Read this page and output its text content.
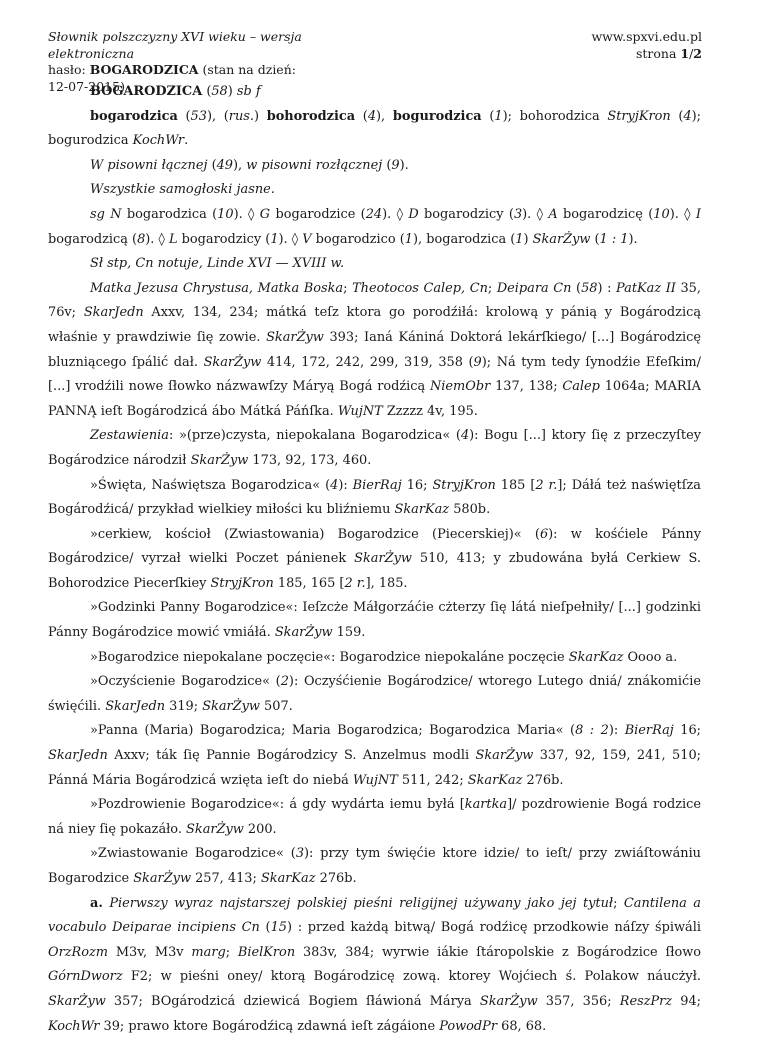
Słownik polszczyzny XVI wieku – wersja elektroniczna
hasło: BOGARODZICA (stan na dzień:
12-07-2015)
www.spxvi.edu.pl
strona 1/2

BOGARODZICA (58) sb f

bogarodzica (53), (rus.) bohorodzica (4), bogurodzica (1); bohorodzica StryjKron (4); bogurodzica KochWr.

W pisowni łącznej (49), w pisowni rozłącznej (9).

Wszystkie samogłoski jasne.

sg N bogarodzica (10). ◊ G bogarodzice (24). ◊ D bogarodzicy (3). ◊ A bogarodzicę (10). ◊ I bogarodzicą (8). ◊ L bogarodzicy (1). ◊ V bogarodzico (1), bogarodzica (1) SkarŻyw (1 : 1).

Sł stp, Cn notuje, Linde XVI — XVIII w.

Matka Jezusa Chrystusa, Matka Boska; Theotocos Calep, Cn; Deipara Cn (58) : PatKaz II 35, 76v; SkarJedn Axxv, 134, 234; mátká teſz ktora go porodźiłá: krolową y pánią y Bogárodzicą właśnie y prawdziwie ſię zowie. SkarŻyw 393; Ianá Kániná Doktorá lekárſkiego/ [...] Bogárodzicę bluzniącego ſpálić dał. SkarŻyw 414, 172, 242, 299, 319, 358 (9); Ná tym tedy ſynodźie Efeſkim/ [...] vrodźili nowe ſłowko názwawſzy Máryą Bogá rodźicą NiemObr 137, 138; Calep 1064a; MARIA PANNĄ ieſt Bogárodzicá ábo Mátká Páńſka. WujNT Zzzzz 4v, 195.

Zestawienia: »(prze)czysta, niepokalana Bogarodzica« (4): Bogu [...] ktory ſię z przeczyſtey Bogárodzice národził SkarŻyw 173, 92, 173, 460.

»Święta, Naświętsza Bogarodzica« (4): BierRaj 16; StryjKron 185 [2 r.]; Dáłá też naświętſza Bogárodźicá/ przykład wielkiey miłości ku bliźniemu SkarKaz 580b.

»cerkiew, kościoł (Zwiastowania) Bogarodzice (Piecerskiej)« (6): w kośćiele Pánny Bogárodzice/ vyrzał wielki Poczet pánienek SkarŻyw 510, 413; y zbudowána byłá Cerkiew S. Bohorodzice Piecerſkiey StryjKron 185, 165 [2 r.], 185.

»Godzinki Panny Bogarodzice«: Ieſzcże Máłgorzáćie cżterzy ſię látá nieſpełniły/ [...] godzinki Pánny Bogárodzice mowić vmiáłá. SkarŻyw 159.

»Bogarodzice niepokalane poczęcie«: Bogarodzice niepokaláne poczęcie SkarKaz Oooo a.

»Oczyścienie Bogarodzice« (2): Oczyśćienie Bogárodzice/ wtorego Lutego dniá/ znákomićie święćili. SkarJedn 319; SkarŻyw 507.

»Panna (Maria) Bogarodzica; Maria Bogarodzica; Bogarodzica Maria« (8 : 2): BierRaj 16; SkarJedn Axxv; ták ſię Pannie Bogárodzicy S. Anzelmus modli SkarŻyw 337, 92, 159, 241, 510; Pánná Mária Bogárodzicá wzięta ieſt do niebá WujNT 511, 242; SkarKaz 276b.

»Pozdrowienie Bogarodzice«: á gdy wydárta iemu byłá [kartka]/ pozdrowienie Bogá rodzice ná niey ſię pokazáło. SkarŻyw 200.

»Zwiastowanie Bogarodzice« (3): przy tym święćie ktore idzie/ to ieſt/ przy zwiáſtowániu Bogarodzice SkarŻyw 257, 413; SkarKaz 276b.

a. Pierwszy wyraz najstarszej polskiej pieśni religijnej używany jako jej tytuł; Cantilena a vocabulo Deiparae incipiens Cn (15) : przed każdą bitwą/ Bogá rodźicę przodkowie náſzy śpiwáli OrzRozm M3v, M3v marg; BielKron 383v, 384; wyrwie iákie ſtáropolskie z Bogárodzice ſłowo GórnDworz F2; w pieśni oney/ ktorą Bogárodzicę zową. ktorey Wojćiech ś. Polakow náucżył. SkarŻyw 357; BOgárodzicá dziewicá Bogiem ſłáwioná Márya SkarŻyw 357, 356; ReszPrz 94; KochWr 39; prawo ktore Bogárodźicą zdawná ieſt zágáione PowodPr 68, 68.
